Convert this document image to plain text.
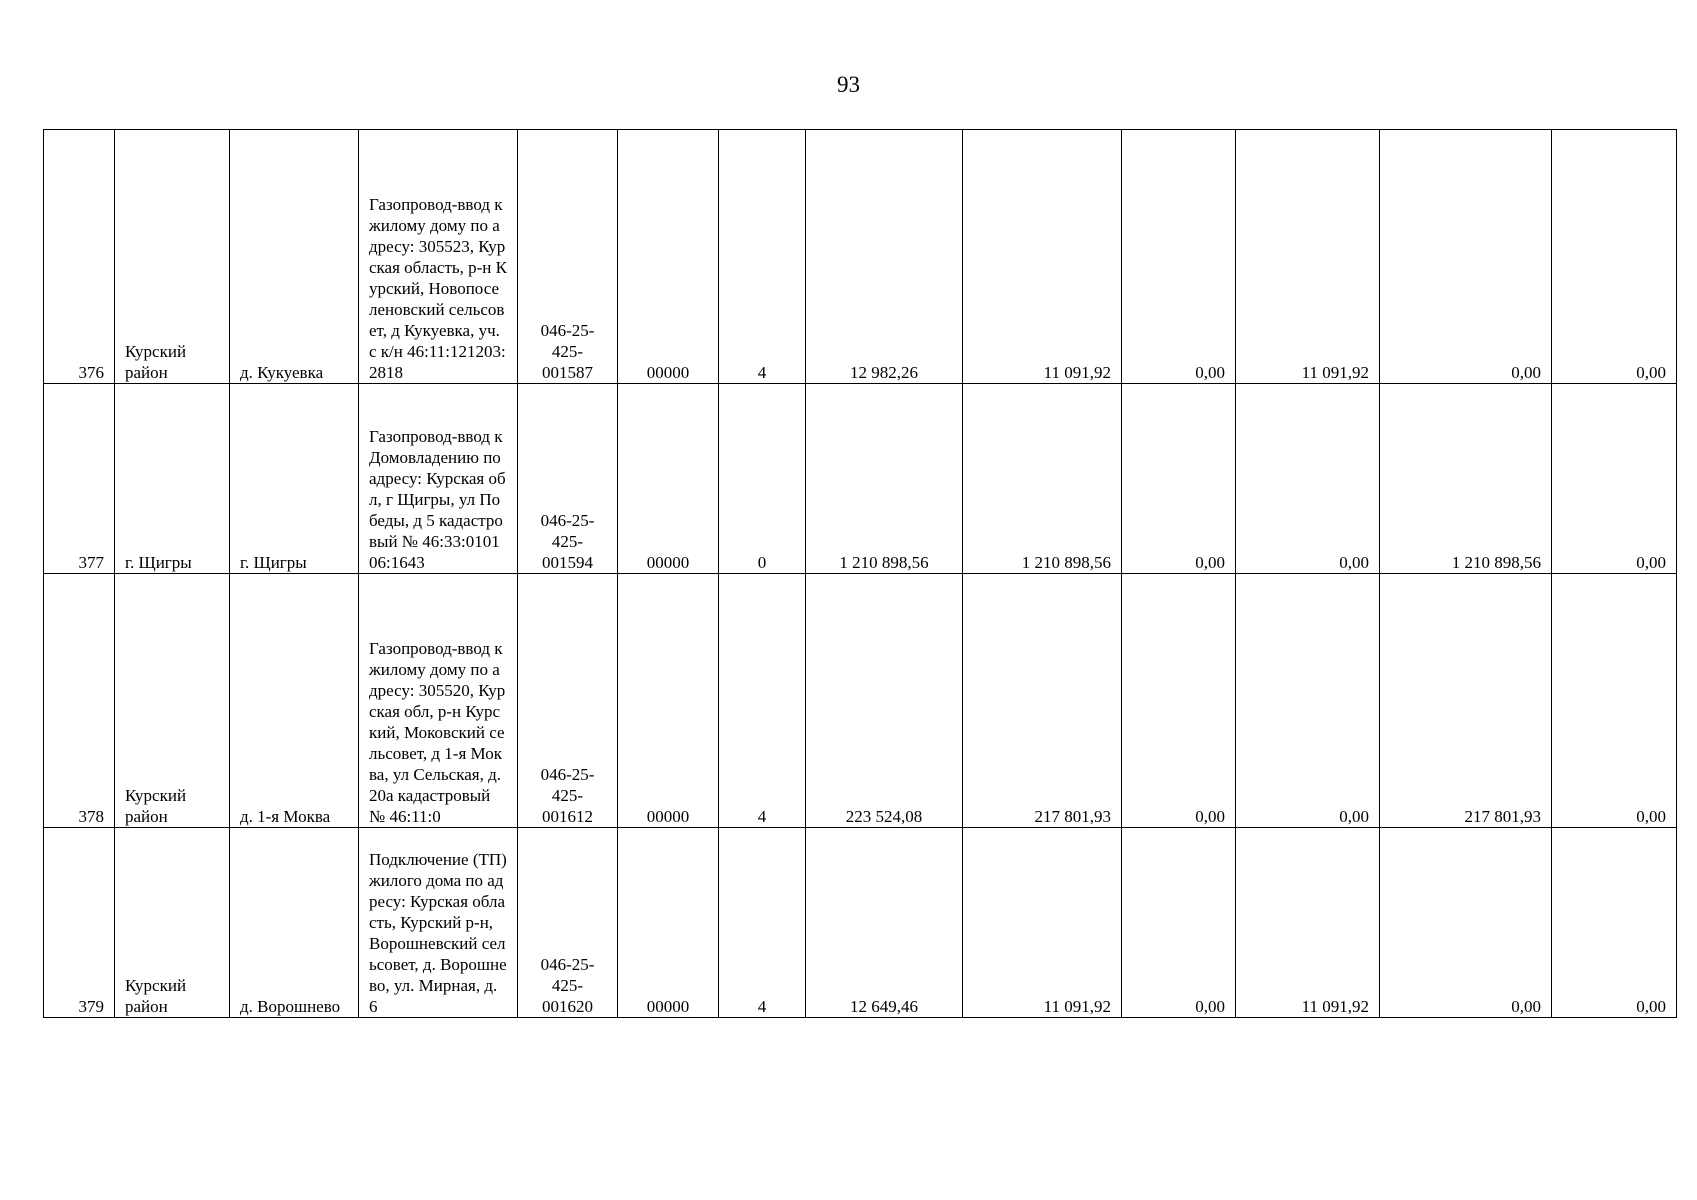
93
376	Курский район	д. Кукуевка	Газопровод-ввод к жилому дому по адресу: 305523, Курская область, р-н Курский, Новопоселеновский сельсовет, д Кукуевка, уч. с к/н 46:11:121203:2818	046-25-425-001587	00000	4	12 982,26	11 091,92	0,00	11 091,92	0,00	0,00
377	г. Щигры	г. Щигры	Газопровод-ввод к Домовладению по адресу: Курская обл, г Щигры, ул Победы, д 5 кадастровый № 46:33:010106:1643	046-25-425-001594	00000	0	1 210 898,56	1 210 898,56	0,00	0,00	1 210 898,56	0,00
378	Курский район	д. 1-я Моква	Газопровод-ввод к жилому дому по адресу: 305520, Курская обл, р-н Курский, Моковский сельсовет, д 1-я Моква, ул Сельская, д. 20а кадастровый № 46:11:0	046-25-425-001612	00000	4	223 524,08	217 801,93	0,00	0,00	217 801,93	0,00
379	Курский район	д. Ворошнево	Подключение (ТП) жилого дома по адресу: Курская область, Курский р-н, Ворошневский сельсовет, д. Ворошнево, ул. Мирная, д. 6	046-25-425-001620	00000	4	12 649,46	11 091,92	0,00	11 091,92	0,00	0,00
